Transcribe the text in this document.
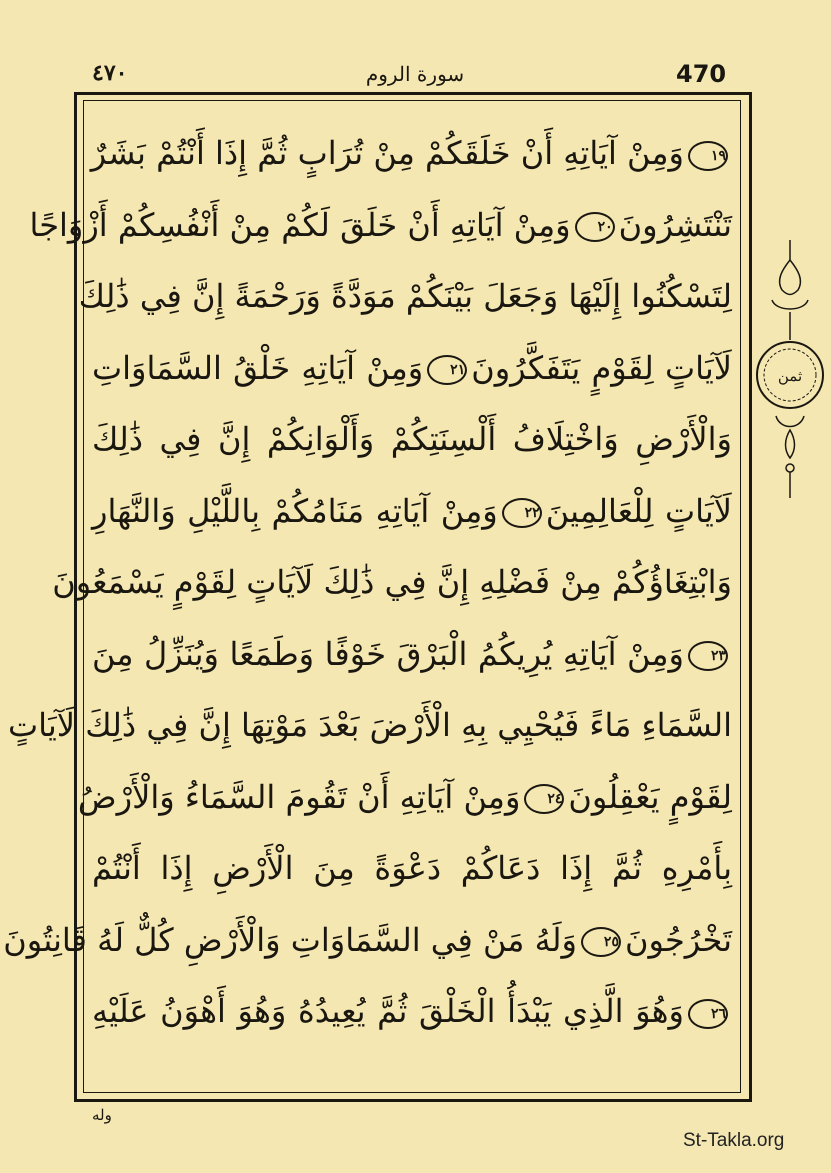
٤٧٠	سورة الروم	470
١٩وَمِنْ آيَاتِهِ أَنْ خَلَقَكُمْ مِنْ تُرَابٍ ثُمَّ إِذَا أَنْتُمْ بَشَرٌ
تَنْتَشِرُونَ٢٠وَمِنْ آيَاتِهِ أَنْ خَلَقَ لَكُمْ مِنْ أَنْفُسِكُمْ أَزْوَاجًا
لِتَسْكُنُوا إِلَيْهَا وَجَعَلَ بَيْنَكُمْ مَوَدَّةً وَرَحْمَةً إِنَّ فِي ذَٰلِكَ
لَآيَاتٍ لِقَوْمٍ يَتَفَكَّرُونَ٢١وَمِنْ آيَاتِهِ خَلْقُ السَّمَاوَاتِ
وَالْأَرْضِ وَاخْتِلَافُ أَلْسِنَتِكُمْ وَأَلْوَانِكُمْ إِنَّ فِي ذَٰلِكَ
لَآيَاتٍ لِلْعَالِمِينَ٢٢وَمِنْ آيَاتِهِ مَنَامُكُمْ بِاللَّيْلِ وَالنَّهَارِ
وَابْتِغَاؤُكُمْ مِنْ فَضْلِهِ إِنَّ فِي ذَٰلِكَ لَآيَاتٍ لِقَوْمٍ يَسْمَعُونَ
٢٣وَمِنْ آيَاتِهِ يُرِيكُمُ الْبَرْقَ خَوْفًا وَطَمَعًا وَيُنَزِّلُ مِنَ
السَّمَاءِ مَاءً فَيُحْيِي بِهِ الْأَرْضَ بَعْدَ مَوْتِهَا إِنَّ فِي ذَٰلِكَ لَآيَاتٍ
لِقَوْمٍ يَعْقِلُونَ٢٤وَمِنْ آيَاتِهِ أَنْ تَقُومَ السَّمَاءُ وَالْأَرْضُ
بِأَمْرِهِ ثُمَّ إِذَا دَعَاكُمْ دَعْوَةً مِنَ الْأَرْضِ إِذَا أَنْتُمْ
تَخْرُجُونَ٢٥وَلَهُ مَنْ فِي السَّمَاوَاتِ وَالْأَرْضِ كُلٌّ لَهُ قَانِتُونَ
٢٦وَهُوَ الَّذِي يَبْدَأُ الْخَلْقَ ثُمَّ يُعِيدُهُ وَهُوَ أَهْوَنُ عَلَيْهِ
ثمن
وله
St-Takla.org
